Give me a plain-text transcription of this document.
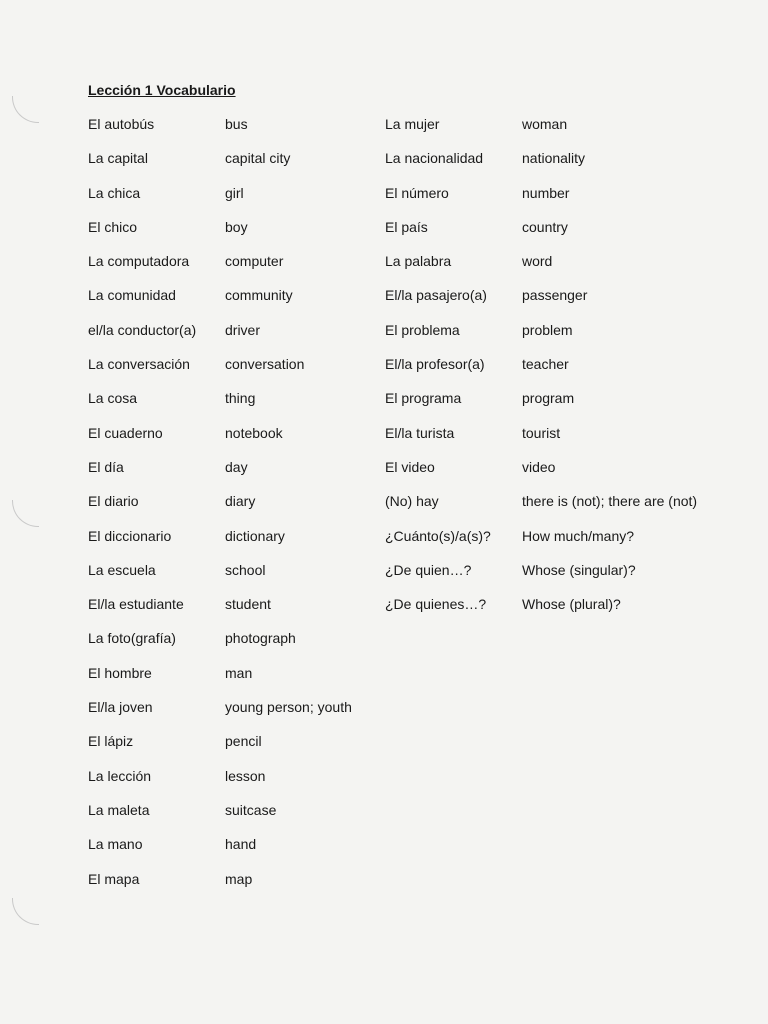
Lección 1 Vocabulario
El autobús
La capital
La chica
El chico
La computadora
La comunidad
el/la conductor(a)
La conversación
La cosa
El cuaderno
El día
El diario
El diccionario
La escuela
El/la estudiante
La foto(grafía)
El hombre
El/la joven
El lápiz
La lección
La maleta
La mano
El mapa
bus
capital city
girl
boy
computer
community
driver
conversation
thing
notebook
day
diary
dictionary
school
student
photograph
man
young person; youth
pencil
lesson
suitcase
hand
map
La mujer
La nacionalidad
El número
El país
La palabra
El/la pasajero(a)
El problema
El/la profesor(a)
El programa
El/la turista
El video
(No) hay
¿Cuánto(s)/a(s)?
¿De quien…?
¿De quienes…?
woman
nationality
number
country
word
passenger
problem
teacher
program
tourist
video
there is (not); there are (not)
How much/many?
Whose (singular)?
Whose (plural)?
